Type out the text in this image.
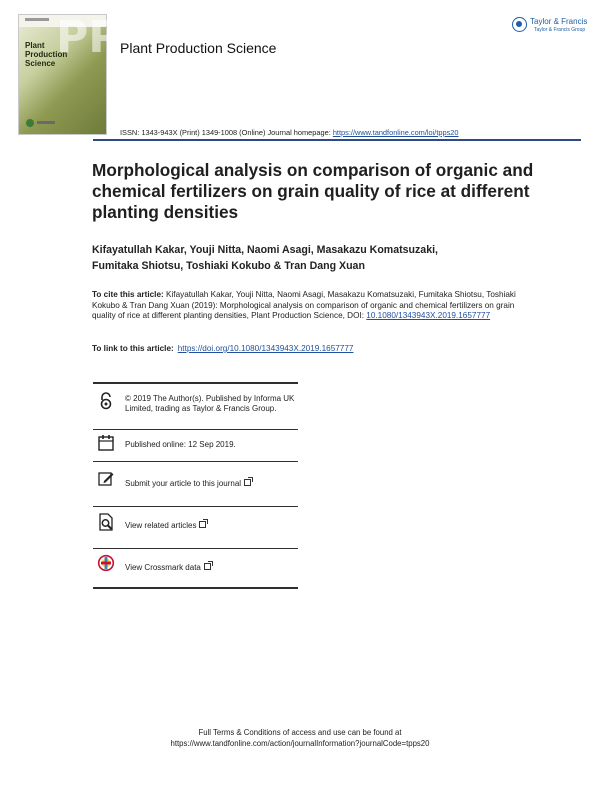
Plant
Production
Science
PPS
Plant Production Science
Taylor & Francis
Taylor & Francis Group
ISSN: 1343-943X (Print) 1349-1008 (Online) Journal homepage: https://www.tandfonline.com/loi/tpps20
Morphological analysis on comparison of organic and chemical fertilizers on grain quality of rice at different planting densities
Kifayatullah Kakar, Youji Nitta, Naomi Asagi, Masakazu Komatsuzaki,
Fumitaka Shiotsu, Toshiaki Kokubo & Tran Dang Xuan
To cite this article: Kifayatullah Kakar, Youji Nitta, Naomi Asagi, Masakazu Komatsuzaki, Fumitaka Shiotsu, Toshiaki Kokubo & Tran Dang Xuan (2019): Morphological analysis on comparison of organic and chemical fertilizers on grain quality of rice at different planting densities, Plant Production Science, DOI: 10.1080/1343943X.2019.1657777
To link to this article: https://doi.org/10.1080/1343943X.2019.1657777
© 2019 The Author(s). Published by Informa UK Limited, trading as Taylor & Francis Group.
Published online: 12 Sep 2019.
Submit your article to this journal
View related articles
View Crossmark data
Full Terms & Conditions of access and use can be found at
https://www.tandfonline.com/action/journalInformation?journalCode=tpps20
